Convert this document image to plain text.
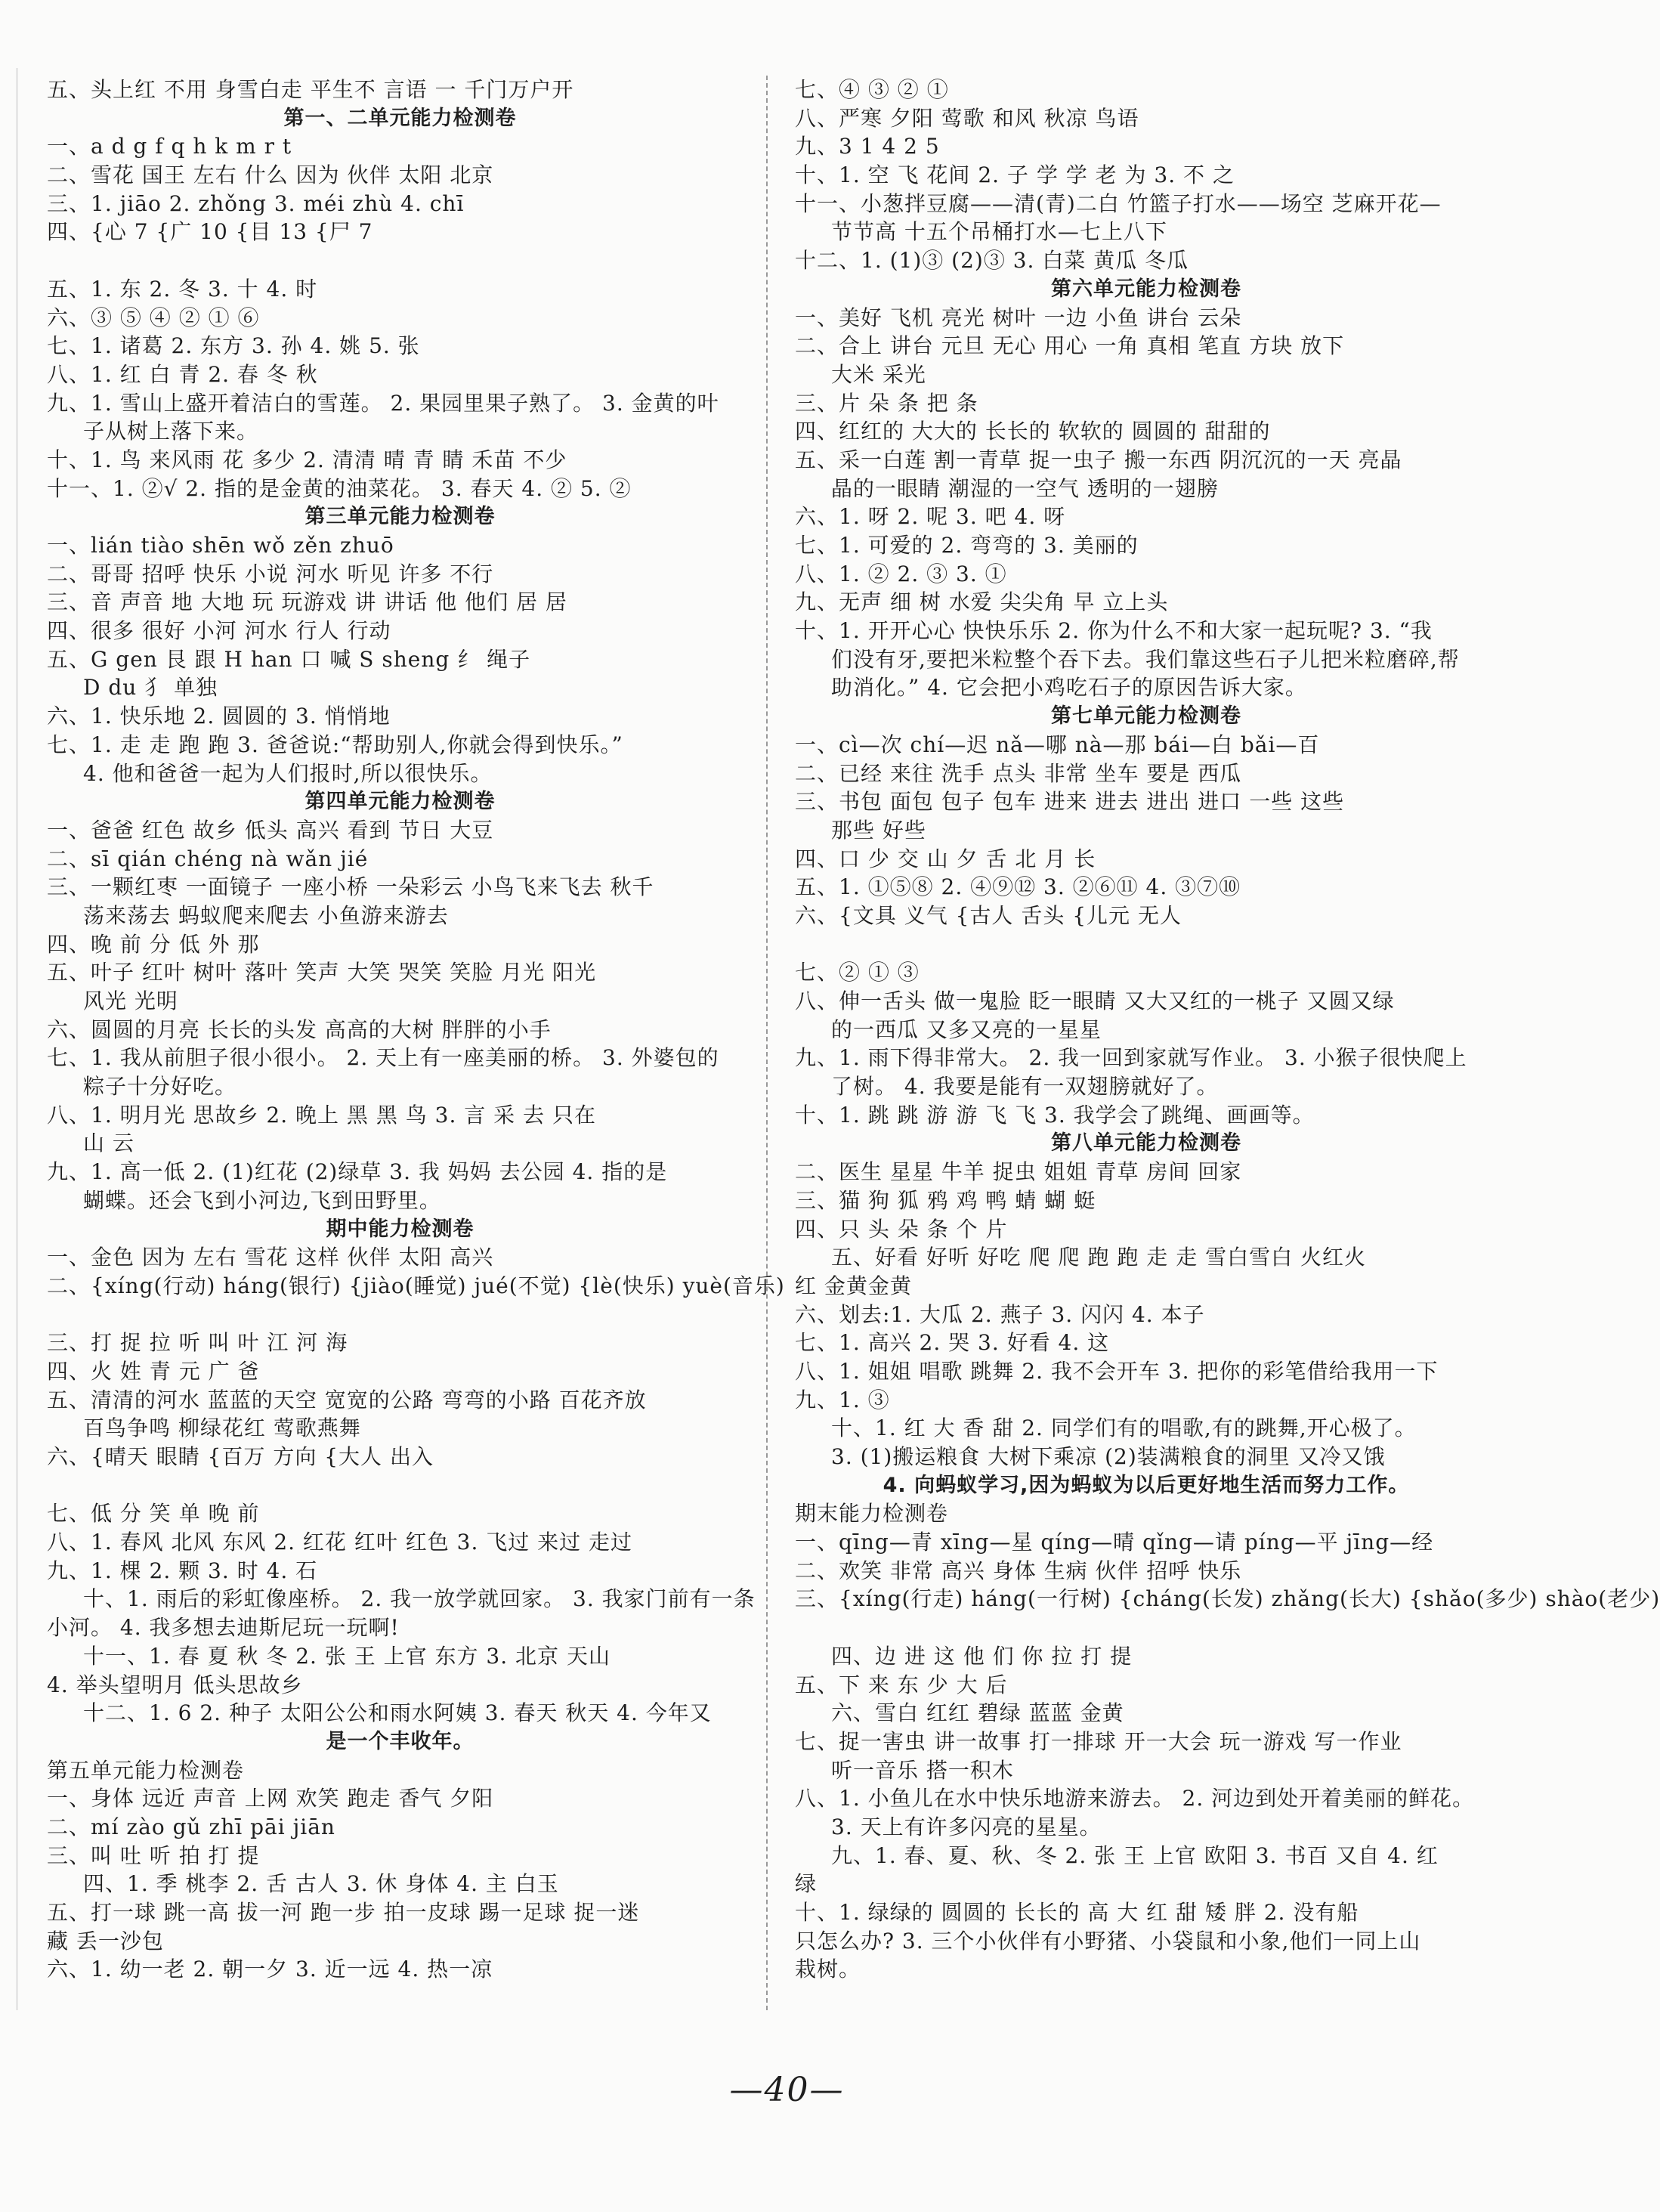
五、头上红 不用 身雪白走 平生不 言语 一 千门万户开
第一、二单元能力检测卷
一、a d g f q h k m r t
二、雪花 国王 左右 什么 因为 伙伴 太阳 北京
三、1. jiāo 2. zhǒng 3. méi zhù 4. chī
四、{心 7 {广 10 {目 13 {尸 7
五、1. 东 2. 冬 3. 十 4. 时
六、③ ⑤ ④ ② ① ⑥
七、1. 诸葛 2. 东方 3. 孙 4. 姚 5. 张
八、1. 红 白 青 2. 春 冬 秋
九、1. 雪山上盛开着洁白的雪莲。 2. 果园里果子熟了。 3. 金黄的叶
子从树上落下来。
十、1. 鸟 来风雨 花 多少 2. 清清 晴 青 睛 禾苗 不少
十一、1. ②√ 2. 指的是金黄的油菜花。 3. 春天 4. ② 5. ②
第三单元能力检测卷
一、lián tiào shēn wǒ zěn zhuō
二、哥哥 招呼 快乐 小说 河水 听见 许多 不行
三、音 声音 地 大地 玩 玩游戏 讲 讲话 他 他们 居 居
四、很多 很好 小河 河水 行人 行动
五、G gen 艮 跟 H han 口 喊 S sheng 纟 绳子
D du 犭 单独
六、1. 快乐地 2. 圆圆的 3. 悄悄地
七、1. 走 走 跑 跑 3. 爸爸说:“帮助别人,你就会得到快乐。”
4. 他和爸爸一起为人们报时,所以很快乐。
第四单元能力检测卷
一、爸爸 红色 故乡 低头 高兴 看到 节日 大豆
二、sī qián chéng nà wǎn jié
三、一颗红枣 一面镜子 一座小桥 一朵彩云 小鸟飞来飞去 秋千
荡来荡去 蚂蚁爬来爬去 小鱼游来游去
四、晚 前 分 低 外 那
五、叶子 红叶 树叶 落叶 笑声 大笑 哭笑 笑脸 月光 阳光
风光 光明
六、圆圆的月亮 长长的头发 高高的大树 胖胖的小手
七、1. 我从前胆子很小很小。 2. 天上有一座美丽的桥。 3. 外婆包的
粽子十分好吃。
八、1. 明月光 思故乡 2. 晚上 黑 黑 鸟 3. 言 采 去 只在
山 云
九、1. 高一低 2. (1)红花 (2)绿草 3. 我 妈妈 去公园 4. 指的是
蝴蝶。还会飞到小河边,飞到田野里。
期中能力检测卷
一、金色 因为 左右 雪花 这样 伙伴 太阳 高兴
二、{xíng(行动) háng(银行) {jiào(睡觉) jué(不觉) {lè(快乐) yuè(音乐)
三、打 捉 拉 听 叫 叶 江 河 海
四、火 姓 青 元 广 爸
五、清清的河水 蓝蓝的天空 宽宽的公路 弯弯的小路 百花齐放
百鸟争鸣 柳绿花红 莺歌燕舞
六、{晴天 眼睛 {百万 方向 {大人 出入
七、低 分 笑 单 晚 前
八、1. 春风 北风 东风 2. 红花 红叶 红色 3. 飞过 来过 走过
九、1. 棵 2. 颗 3. 时 4. 石
十、1. 雨后的彩虹像座桥。 2. 我一放学就回家。 3. 我家门前有一条
小河。 4. 我多想去迪斯尼玩一玩啊!
十一、1. 春 夏 秋 冬 2. 张 王 上官 东方 3. 北京 天山
4. 举头望明月 低头思故乡
十二、1. 6 2. 种子 太阳公公和雨水阿姨 3. 春天 秋天 4. 今年又
是一个丰收年。
第五单元能力检测卷
一、身体 远近 声音 上网 欢笑 跑走 香气 夕阳
二、mí zào gǔ zhī pāi jiān
三、叫 吐 听 拍 打 提
四、1. 季 桃李 2. 舌 古人 3. 休 身体 4. 主 白玉
五、打一球 跳一高 拔一河 跑一步 拍一皮球 踢一足球 捉一迷
藏 丢一沙包
六、1. 幼一老 2. 朝一夕 3. 近一远 4. 热一凉
七、④ ③ ② ①
八、严寒 夕阳 莺歌 和风 秋凉 鸟语
九、3 1 4 2 5
十、1. 空 飞 花间 2. 子 学 学 老 为 3. 不 之
十一、小葱拌豆腐——清(青)二白 竹篮子打水——场空 芝麻开花—
节节高 十五个吊桶打水—七上八下
十二、1. (1)③ (2)③ 3. 白菜 黄瓜 冬瓜
第六单元能力检测卷
一、美好 飞机 亮光 树叶 一边 小鱼 讲台 云朵
二、合上 讲台 元旦 无心 用心 一角 真相 笔直 方块 放下
大米 采光
三、片 朵 条 把 条
四、红红的 大大的 长长的 软软的 圆圆的 甜甜的
五、采一白莲 割一青草 捉一虫子 搬一东西 阴沉沉的一天 亮晶
晶的一眼睛 潮湿的一空气 透明的一翅膀
六、1. 呀 2. 呢 3. 吧 4. 呀
七、1. 可爱的 2. 弯弯的 3. 美丽的
八、1. ② 2. ③ 3. ①
九、无声 细 树 水爱 尖尖角 早 立上头
十、1. 开开心心 快快乐乐 2. 你为什么不和大家一起玩呢? 3. “我
们没有牙,要把米粒整个吞下去。我们靠这些石子儿把米粒磨碎,帮
助消化。” 4. 它会把小鸡吃石子的原因告诉大家。
第七单元能力检测卷
一、cì—次 chí—迟 nǎ—哪 nà—那 bái—白 bǎi—百
二、已经 来往 洗手 点头 非常 坐车 要是 西瓜
三、书包 面包 包子 包车 进来 进去 进出 进口 一些 这些
那些 好些
四、口 少 交 山 夕 舌 北 月 长
五、1. ①⑤⑧ 2. ④⑨⑫ 3. ②⑥⑪ 4. ③⑦⑩
六、{文具 义气 {古人 舌头 {儿元 无人
七、② ① ③
八、伸一舌头 做一鬼脸 眨一眼睛 又大又红的一桃子 又圆又绿
的一西瓜 又多又亮的一星星
九、1. 雨下得非常大。 2. 我一回到家就写作业。 3. 小猴子很快爬上
了树。 4. 我要是能有一双翅膀就好了。
十、1. 跳 跳 游 游 飞 飞 3. 我学会了跳绳、画画等。
第八单元能力检测卷
二、医生 星星 牛羊 捉虫 姐姐 青草 房间 回家
三、猫 狗 狐 鸦 鸡 鸭 蜻 蝴 蜓
四、只 头 朵 条 个 片
五、好看 好听 好吃 爬 爬 跑 跑 走 走 雪白雪白 火红火
红 金黄金黄
六、划去:1. 大瓜 2. 燕子 3. 闪闪 4. 本子
七、1. 高兴 2. 哭 3. 好看 4. 这
八、1. 姐姐 唱歌 跳舞 2. 我不会开车 3. 把你的彩笔借给我用一下
九、1. ③
十、1. 红 大 香 甜 2. 同学们有的唱歌,有的跳舞,开心极了。
3. (1)搬运粮食 大树下乘凉 (2)装满粮食的洞里 又冷又饿
4. 向蚂蚁学习,因为蚂蚁为以后更好地生活而努力工作。
期末能力检测卷
一、qīng—青 xīng—星 qíng—晴 qǐng—请 píng—平 jīng—经
二、欢笑 非常 高兴 身体 生病 伙伴 招呼 快乐
三、{xíng(行走) háng(一行树) {cháng(长发) zhǎng(长大) {shǎo(多少) shào(老少)
四、边 进 这 他 们 你 拉 打 提
五、下 来 东 少 大 后
六、雪白 红红 碧绿 蓝蓝 金黄
七、捉一害虫 讲一故事 打一排球 开一大会 玩一游戏 写一作业
听一音乐 搭一积木
八、1. 小鱼儿在水中快乐地游来游去。 2. 河边到处开着美丽的鲜花。
3. 天上有许多闪亮的星星。
九、1. 春、夏、秋、冬 2. 张 王 上官 欧阳 3. 书百 又自 4. 红
绿
十、1. 绿绿的 圆圆的 长长的 高 大 红 甜 矮 胖 2. 没有船
只怎么办? 3. 三个小伙伴有小野猪、小袋鼠和小象,他们一同上山
栽树。
—40—
